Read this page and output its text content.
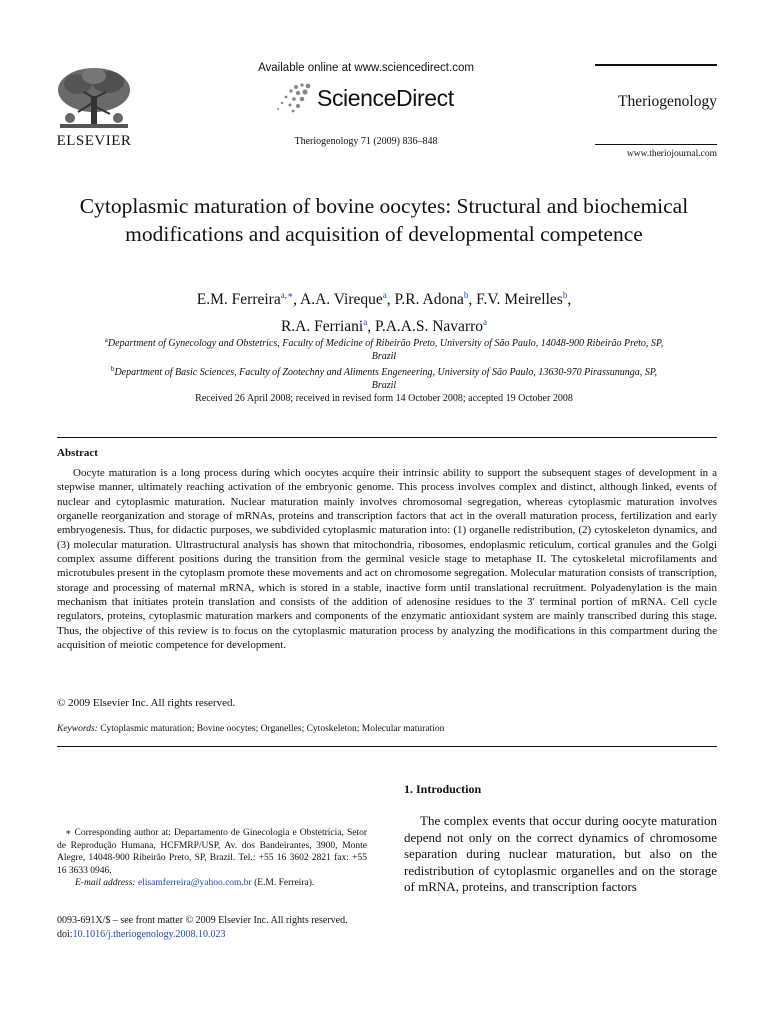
ELSEVIER
Available online at www.sciencedirect.com
ScienceDirect
Theriogenology 71 (2009) 836–848
Theriogenology
www.theriojournal.com
Cytoplasmic maturation of bovine oocytes: Structural and biochemical modifications and acquisition of developmental competence
E.M. Ferreira$^{a,∗}$, A.A. Vireque$^a$, P.R. Adona$^b$, F.V. Meirelles$^b$,
R.A. Ferriani$^a$, P.A.A.S. Navarro$^a$
$^a$Department of Gynecology and Obstetrics, Faculty of Medicine of Ribeirão Preto, University of São Paulo, 14048-900 Ribeirão Preto, SP, Brazil
$^b$Department of Basic Sciences, Faculty of Zootechny and Aliments Engeneering, University of São Paulo, 13630-970 Pirassununga, SP, Brazil
Received 26 April 2008; received in revised form 14 October 2008; accepted 19 October 2008
Abstract
Oocyte maturation is a long process during which oocytes acquire their intrinsic ability to support the subsequent stages of development in a stepwise manner, ultimately reaching activation of the embryonic genome. This process involves complex and distinct, although linked, events of nuclear and cytoplasmic maturation. Nuclear maturation mainly involves chromosomal segregation, whereas cytoplasmic maturation involves organelle reorganization and storage of mRNAs, proteins and transcription factors that act in the overall maturation process, fertilization and early embryogenesis. Thus, for didactic purposes, we subdivided cytoplasmic maturation into: (1) organelle redistribution, (2) cytoskeleton dynamics, and (3) molecular maturation. Ultrastructural analysis has shown that mitochondria, ribosomes, endoplasmic reticulum, cortical granules and the Golgi complex assume different positions during the transition from the germinal vesicle stage to metaphase II. The cytoskeletal microfilaments and microtubules present in the cytoplasm promote these movements and act on chromosome segregation. Molecular maturation consists of transcription, storage and processing of maternal mRNA, which is stored in a stable, inactive form until translational recruitment. Polyadenylation is the main mechanism that initiates protein translation and consists of the addition of adenosine residues to the 3′ terminal portion of mRNA. Cell cycle regulators, proteins, cytoplasmic maturation markers and components of the enzymatic antioxidant system are mainly transcribed during this stage. Thus, the objective of this review is to focus on the cytoplasmic maturation process by analyzing the modifications in this compartment during the acquisition of meiotic competence for development.
© 2009 Elsevier Inc. All rights reserved.
Keywords: Cytoplasmic maturation; Bovine oocytes; Organelles; Cytoskeleton; Molecular maturation
1. Introduction
The complex events that occur during oocyte maturation depend not only on the correct dynamics of chromosome separation during nuclear maturation, but also on the redistribution of cytoplasmic organelles and on the storage of mRNA, proteins, and transcription factors
∗ Corresponding author at: Departamento de Ginecologia e Obstetrícia, Setor de Reprodução Humana, HCFMRP/USP, Av. dos Bandeirantes, 3900, Monte Alegre, 14048-900 Ribeirão Preto, SP, Brazil. Tel.: +55 16 3602 2821 fax: +55 16 3633 0946.
E-mail address: elisamferreira@yahoo.com.br (E.M. Ferreira).
0093-691X/$ – see front matter © 2009 Elsevier Inc. All rights reserved.
doi:10.1016/j.theriogenology.2008.10.023
